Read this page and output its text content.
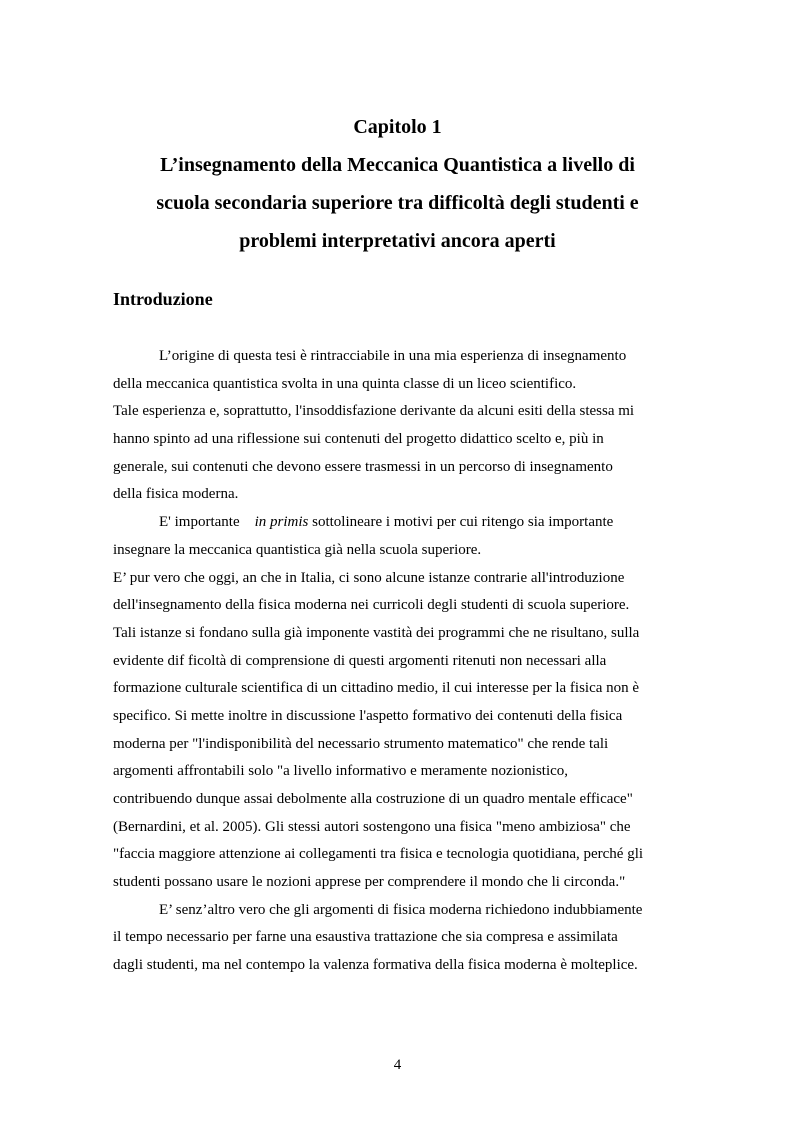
Capitolo 1
L’insegnamento della Meccanica Quantistica a livello di
scuola secondaria superiore tra difficoltà degli studenti e
problemi interpretativi ancora aperti
Introduzione
L’origine di questa tesi è rintracciabile in una mia esperienza di insegnamento
della meccanica quantistica svolta in una quinta classe di un liceo scientifico.
Tale esperienza e, soprattutto, l'insoddisfazione derivante da alcuni esiti della stessa mi
hanno spinto ad una riflessione sui contenuti del progetto didattico scelto e, più in
generale, sui contenuti che devono essere trasmessi in un percorso di insegnamento
della fisica moderna.
E' importante in primis sottolineare i motivi per cui ritengo sia importante
insegnare la meccanica quantistica già nella scuola superiore.
E’ pur vero che oggi, an che in Italia, ci sono alcune istanze contrarie all'introduzione
dell'insegnamento della fisica moderna nei curricoli degli studenti di scuola superiore.
Tali istanze si fondano sulla già imponente vastità dei programmi che ne risultano, sulla
evidente dif ficoltà di comprensione di questi argomenti ritenuti non necessari alla
formazione culturale scientifica di un cittadino medio, il cui interesse per la fisica non è
specifico. Si mette inoltre in discussione l'aspetto formativo dei contenuti della fisica
moderna per "l'indisponibilità del necessario strumento matematico" che rende tali
argomenti affrontabili solo "a livello informativo e meramente nozionistico,
contribuendo dunque assai debolmente alla costruzione di un quadro mentale efficace"
(Bernardini, et al. 2005). Gli stessi autori sostengono una fisica "meno ambiziosa" che
"faccia maggiore attenzione ai collegamenti tra fisica e tecnologia quotidiana, perché gli
studenti possano usare le nozioni apprese per comprendere il mondo che li circonda."
E’ senz’altro vero che gli argomenti di fisica moderna richiedono indubbiamente
il tempo necessario per farne una esaustiva trattazione che sia compresa e assimilata
dagli studenti, ma nel contempo la valenza formativa della fisica moderna è molteplice.
4
